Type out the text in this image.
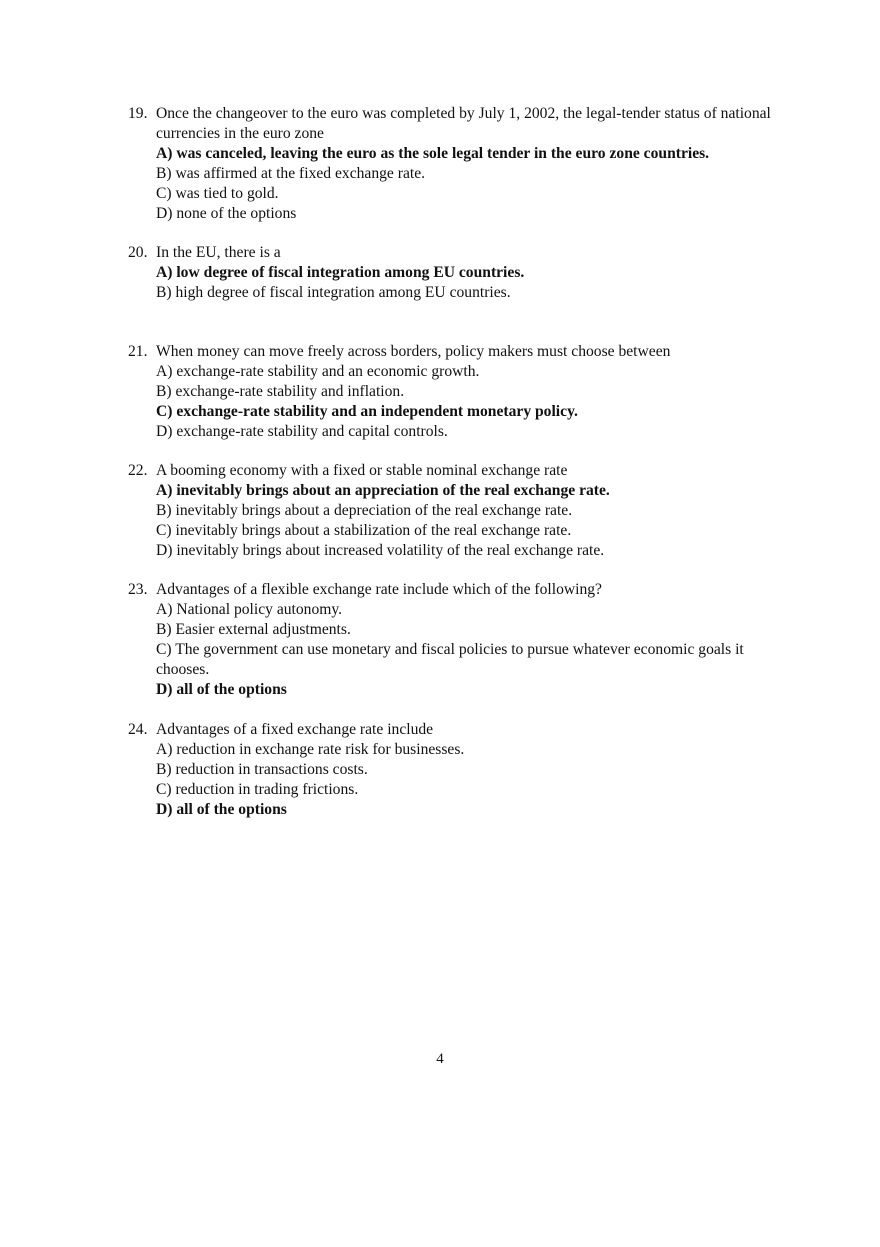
19. Once the changeover to the euro was completed by July 1, 2002, the legal-tender status of national currencies in the euro zone
A) was canceled, leaving the euro as the sole legal tender in the euro zone countries.
B) was affirmed at the fixed exchange rate.
C) was tied to gold.
D) none of the options
20. In the EU, there is a
A) low degree of fiscal integration among EU countries.
B) high degree of fiscal integration among EU countries.
21. When money can move freely across borders, policy makers must choose between
A) exchange-rate stability and an economic growth.
B) exchange-rate stability and inflation.
C) exchange-rate stability and an independent monetary policy.
D) exchange-rate stability and capital controls.
22. A booming economy with a fixed or stable nominal exchange rate
A) inevitably brings about an appreciation of the real exchange rate.
B) inevitably brings about a depreciation of the real exchange rate.
C) inevitably brings about a stabilization of the real exchange rate.
D) inevitably brings about increased volatility of the real exchange rate.
23. Advantages of a flexible exchange rate include which of the following?
A) National policy autonomy.
B) Easier external adjustments.
C) The government can use monetary and fiscal policies to pursue whatever economic goals it chooses.
D) all of the options
24. Advantages of a fixed exchange rate include
A) reduction in exchange rate risk for businesses.
B) reduction in transactions costs.
C) reduction in trading frictions.
D) all of the options
4
